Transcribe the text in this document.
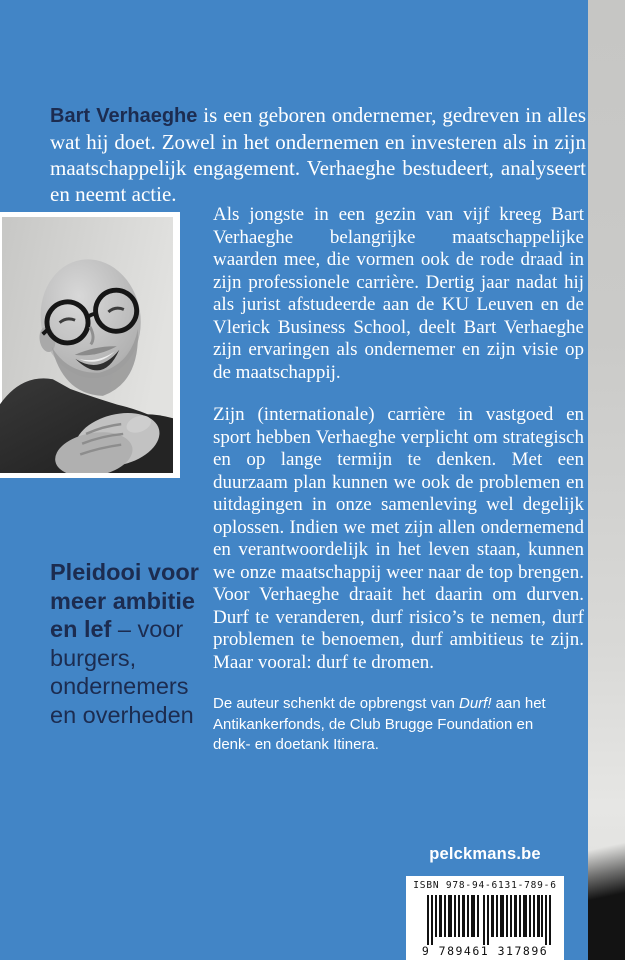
Bart Verhaeghe is een geboren ondernemer, gedreven in alles wat hij doet. Zowel in het ondernemen en investeren als in zijn maatschappelijk engagement. Verhaeghe bestudeert, analyseert en neemt actie.

Als jongste in een gezin van vijf kreeg Bart Verhaeghe belangrijke maatschappelijke waarden mee, die vormen ook de rode draad in zijn professionele carrière. Dertig jaar nadat hij als jurist afstudeerde aan de KU Leuven en de Vlerick Business School, deelt Bart Verhaeghe zijn ervaringen als ondernemer en zijn visie op de maatschappij.

Zijn (internationale) carrière in vastgoed en sport hebben Verhaeghe verplicht om strategisch en op lange termijn te denken. Met een duurzaam plan kunnen we ook de problemen en uitdagingen in onze samenleving wel degelijk oplossen. Indien we met zijn allen ondernemend en verantwoordelijk in het leven staan, kunnen we onze maatschappij weer naar de top brengen. Voor Verhaeghe draait het daarin om durven. Durf te veranderen, durf risico’s te nemen, durf problemen te benoemen, durf ambitieus te zijn. Maar vooral: durf te dromen.

De auteur schenkt de opbrengst van Durf! aan het Antikankerfonds, de Club Brugge Foundation en denk- en doetank Itinera.
Pleidooi voor meer ambitie en lef – voor burgers, ondernemers en overheden
pelckmans.be
ISBN 978-94-6131-789-6
9 789461 317896
